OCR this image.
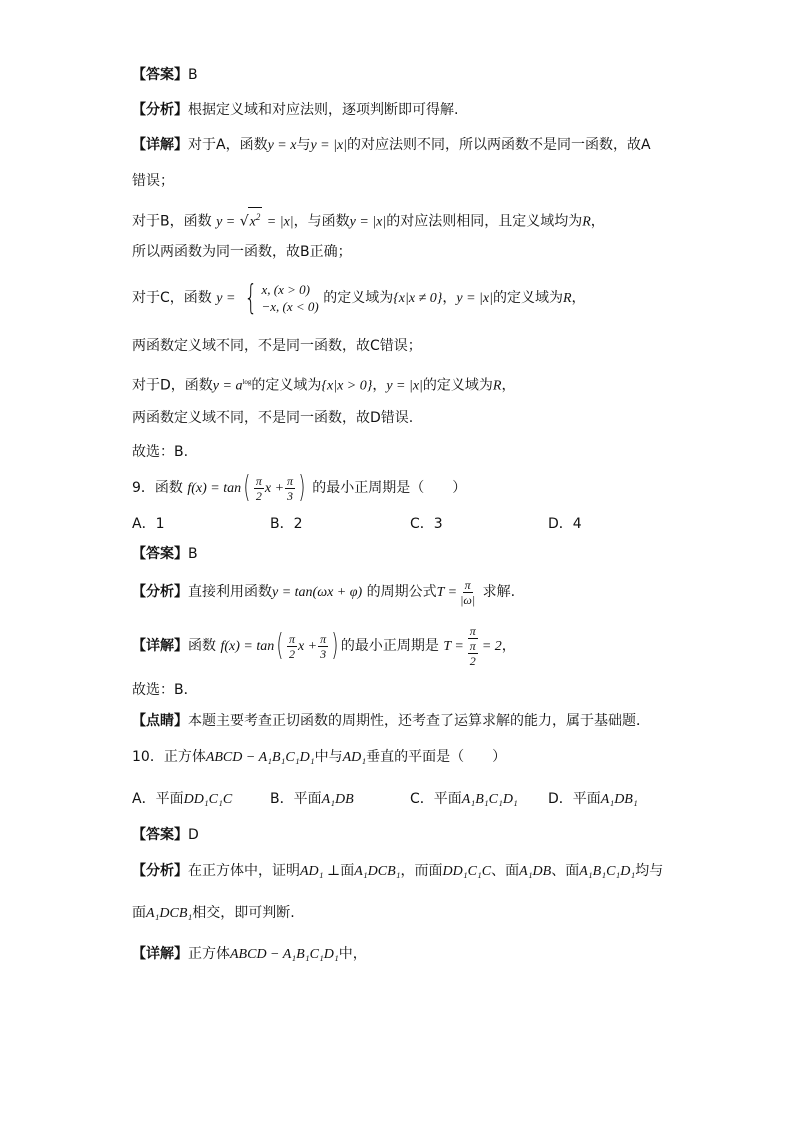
【答案】B
【分析】根据定义域和对应法则，逐项判断即可得解.
【详解】对于A，函数y = x与y = |x|的对应法则不同，所以两函数不是同一函数，故A
错误；
对于B，函数 $y = √x^2 = |x|$，与函数y = |x|的对应法则相同，且定义域均为R，
所以两函数为同一函数，故B正确；
对于C，函数 y = { x, (x > 0)
−x, (x < 0)
的定义域为{x|x ≠ 0}，y = |x|的定义域为R，
两函数定义域不同，不是同一函数，故C错误；
对于D，函数$y = a^{log}$的定义域为{x|x > 0}，y = |x|的定义域为R，
两函数定义域不同，不是同一函数，故D错误.
故选：B.
9．函数 $f(x) = \tan( \frac{\pi}{2}$ $x + \frac{\pi}{3}$ ) 的最小正周期是（　　）
A．1	B．2	C．3	D．4
【答案】B
【分析】直接利用函数y = tan(ωx + φ) 的周期公式$T = \frac{\pi}{|\omega|}$ 求解.
【详解】函数 $f(x) = \tan( \frac{\pi}{2}$ $x + \frac{\pi}{3}$ ) 的最小正周期是 $T = \frac{\pi}{\frac{\pi}{2}} = 2$，
故选：B．
【点睛】本题主要考查正切函数的周期性，还考查了运算求解的能力，属于基础题．
10．正方体ABCD − A₁B₁C₁D₁中与AD₁垂直的平面是（　　）
A．平面DD₁C₁C	B．平面A₁DB	C．平面A₁B₁C₁D₁ D．平面A₁DB₁
【答案】D
【分析】在正方体中，证明AD₁ ⊥面A₁DCB₁，而面DD₁C₁C、面A₁DB、面A₁B₁C₁D₁均与
面A₁DCB₁相交，即可判断.
【详解】正方体ABCD − A₁B₁C₁D₁中，
